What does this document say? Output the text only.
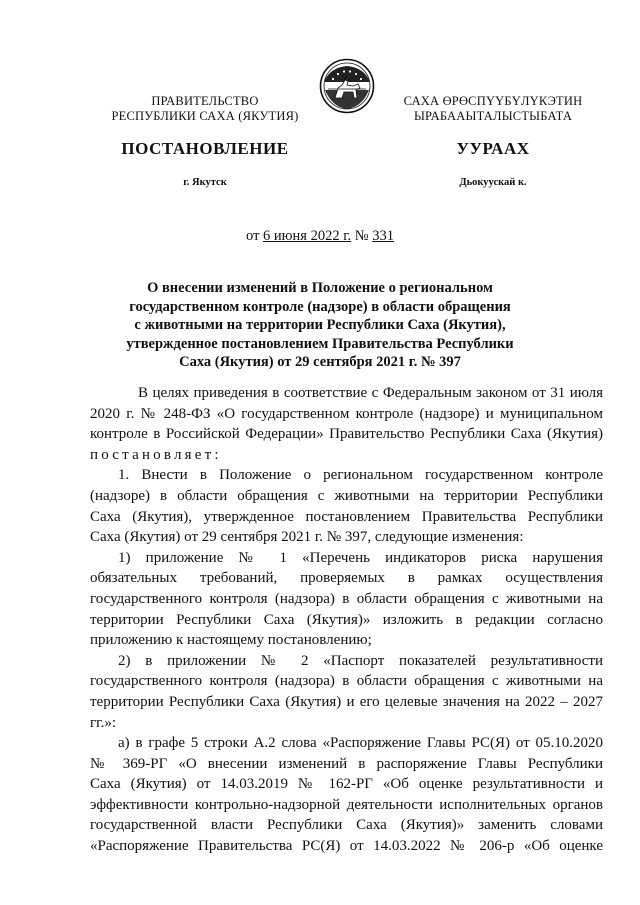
ПРАВИТЕЛЬСТВО
РЕСПУБЛИКИ САХА (ЯКУТИЯ)
САХА ӨРӨСПҮҮБҮЛҮКЭТИН
ЫРАБААЫТАЛЫСТЫБАТА
ПОСТАНОВЛЕНИЕ	УУРААХ
г. Якутск	Дьокуускай к.
от 6 июня 2022 г. № 331
О внесении изменений в Положение о региональном
государственном контроле (надзоре) в области обращения
с животными на территории Республики Саха (Якутия),
утвержденное постановлением Правительства Республики
Саха (Якутия) от 29 сентября 2021 г. № 397
В целях приведения в соответствие с Федеральным законом от 31 июля
2020 г. № 248-ФЗ «О государственном контроле (надзоре) и муниципальном
контроле в Российской Федерации» Правительство Республики Саха (Якутия)
постановляет:
1. Внести в Положение о региональном государственном контроле
(надзоре) в области обращения с животными на территории Республики
Саха (Якутия), утвержденное постановлением Правительства Республики
Саха (Якутия) от 29 сентября 2021 г. № 397, следующие изменения:
1) приложение № 1 «Перечень индикаторов риска нарушения
обязательных требований, проверяемых в рамках осуществления
государственного контроля (надзора) в области обращения с животными на
территории Республики Саха (Якутия)» изложить в редакции согласно
приложению к настоящему постановлению;
2) в приложении № 2 «Паспорт показателей результативности
государственного контроля (надзора) в области обращения с животными на
территории Республики Саха (Якутия) и его целевые значения на 2022 – 2027
гг.»:
а) в графе 5 строки А.2 слова «Распоряжение Главы РС(Я) от 05.10.2020
№ 369-РГ «О внесении изменений в распоряжение Главы Республики
Саха (Якутия) от 14.03.2019 № 162-РГ «Об оценке результативности и
эффективности контрольно-надзорной деятельности исполнительных органов
государственной власти Республики Саха (Якутия)» заменить словами
«Распоряжение Правительства РС(Я) от 14.03.2022 № 206-р «Об оценке
